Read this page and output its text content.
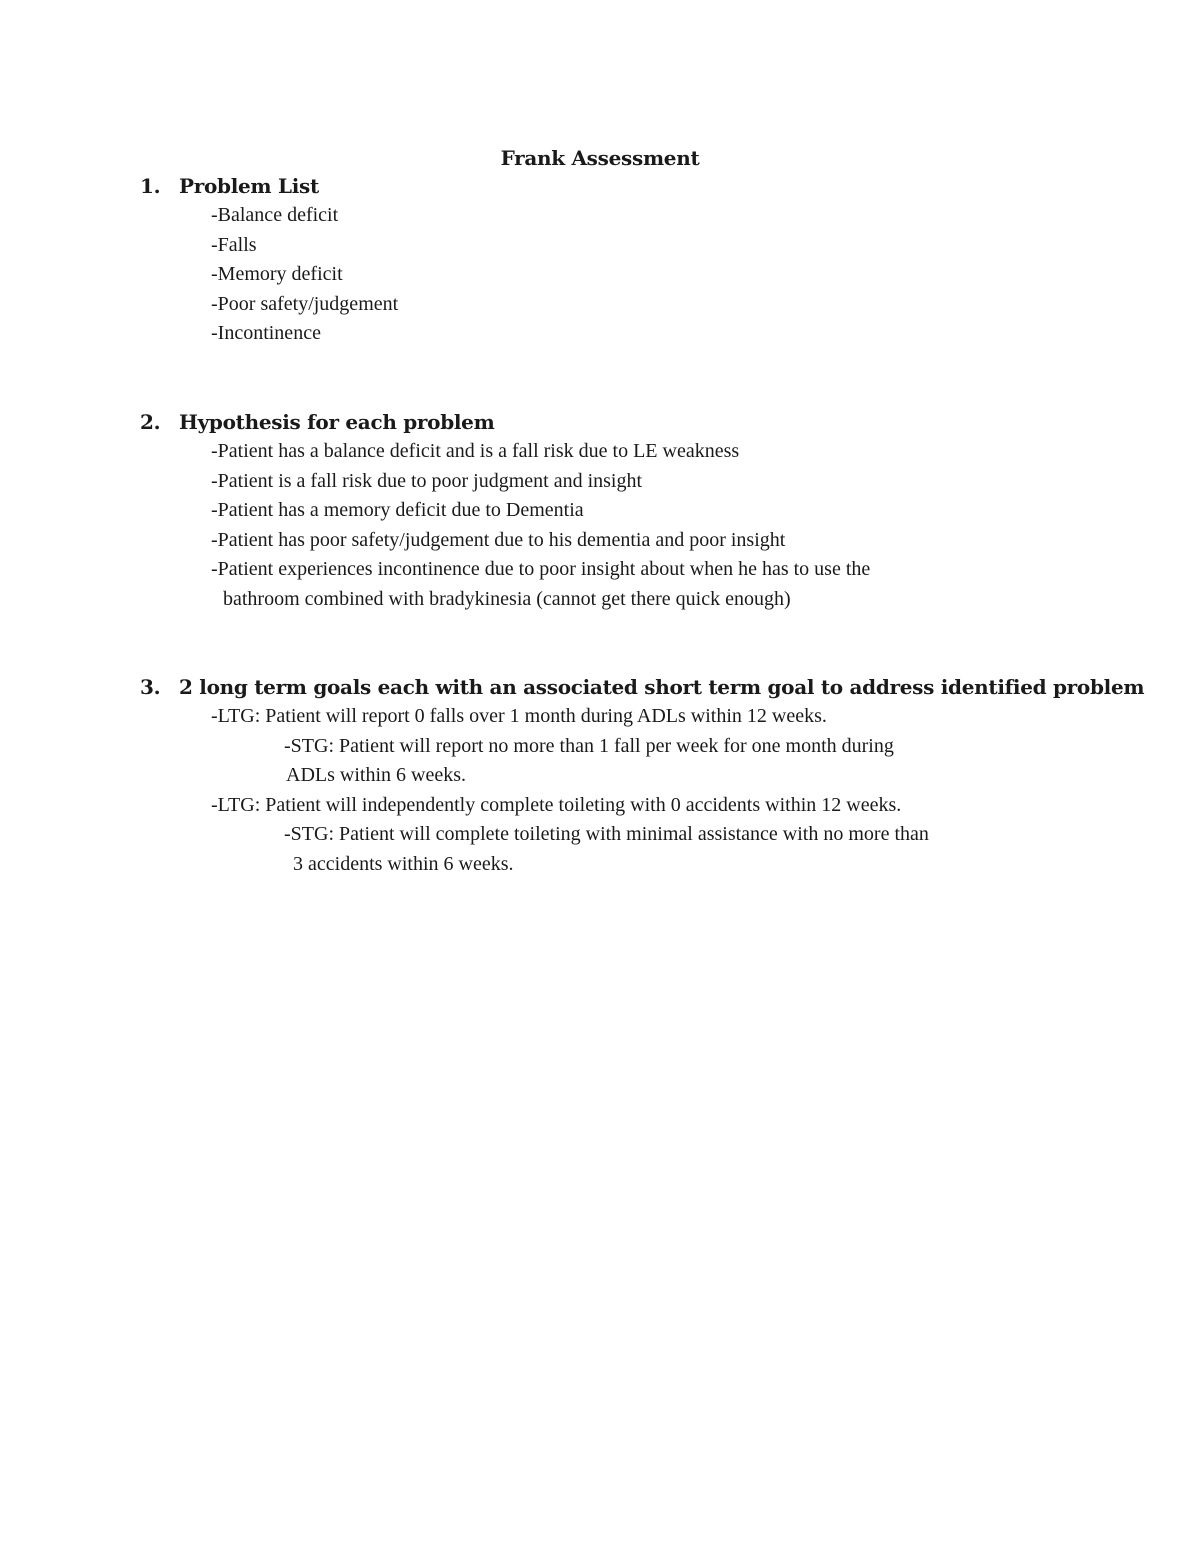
Frank Assessment
1. Problem List
-Balance deficit
-Falls
-Memory deficit
-Poor safety/judgement
-Incontinence
2. Hypothesis for each problem
-Patient has a balance deficit and is a fall risk due to LE weakness
-Patient is a fall risk due to poor judgment and insight
-Patient has a memory deficit due to Dementia
-Patient has poor safety/judgement due to his dementia and poor insight
-Patient experiences incontinence due to poor insight about when he has to use the
bathroom combined with bradykinesia (cannot get there quick enough)
3. 2 long term goals each with an associated short term goal to address identified problem
-LTG: Patient will report 0 falls over 1 month during ADLs within 12 weeks.
-STG: Patient will report no more than 1 fall per week for one month during
ADLs within 6 weeks.
-LTG: Patient will independently complete toileting with 0 accidents within 12 weeks.
-STG: Patient will complete toileting with minimal assistance with no more than
3 accidents within 6 weeks.
